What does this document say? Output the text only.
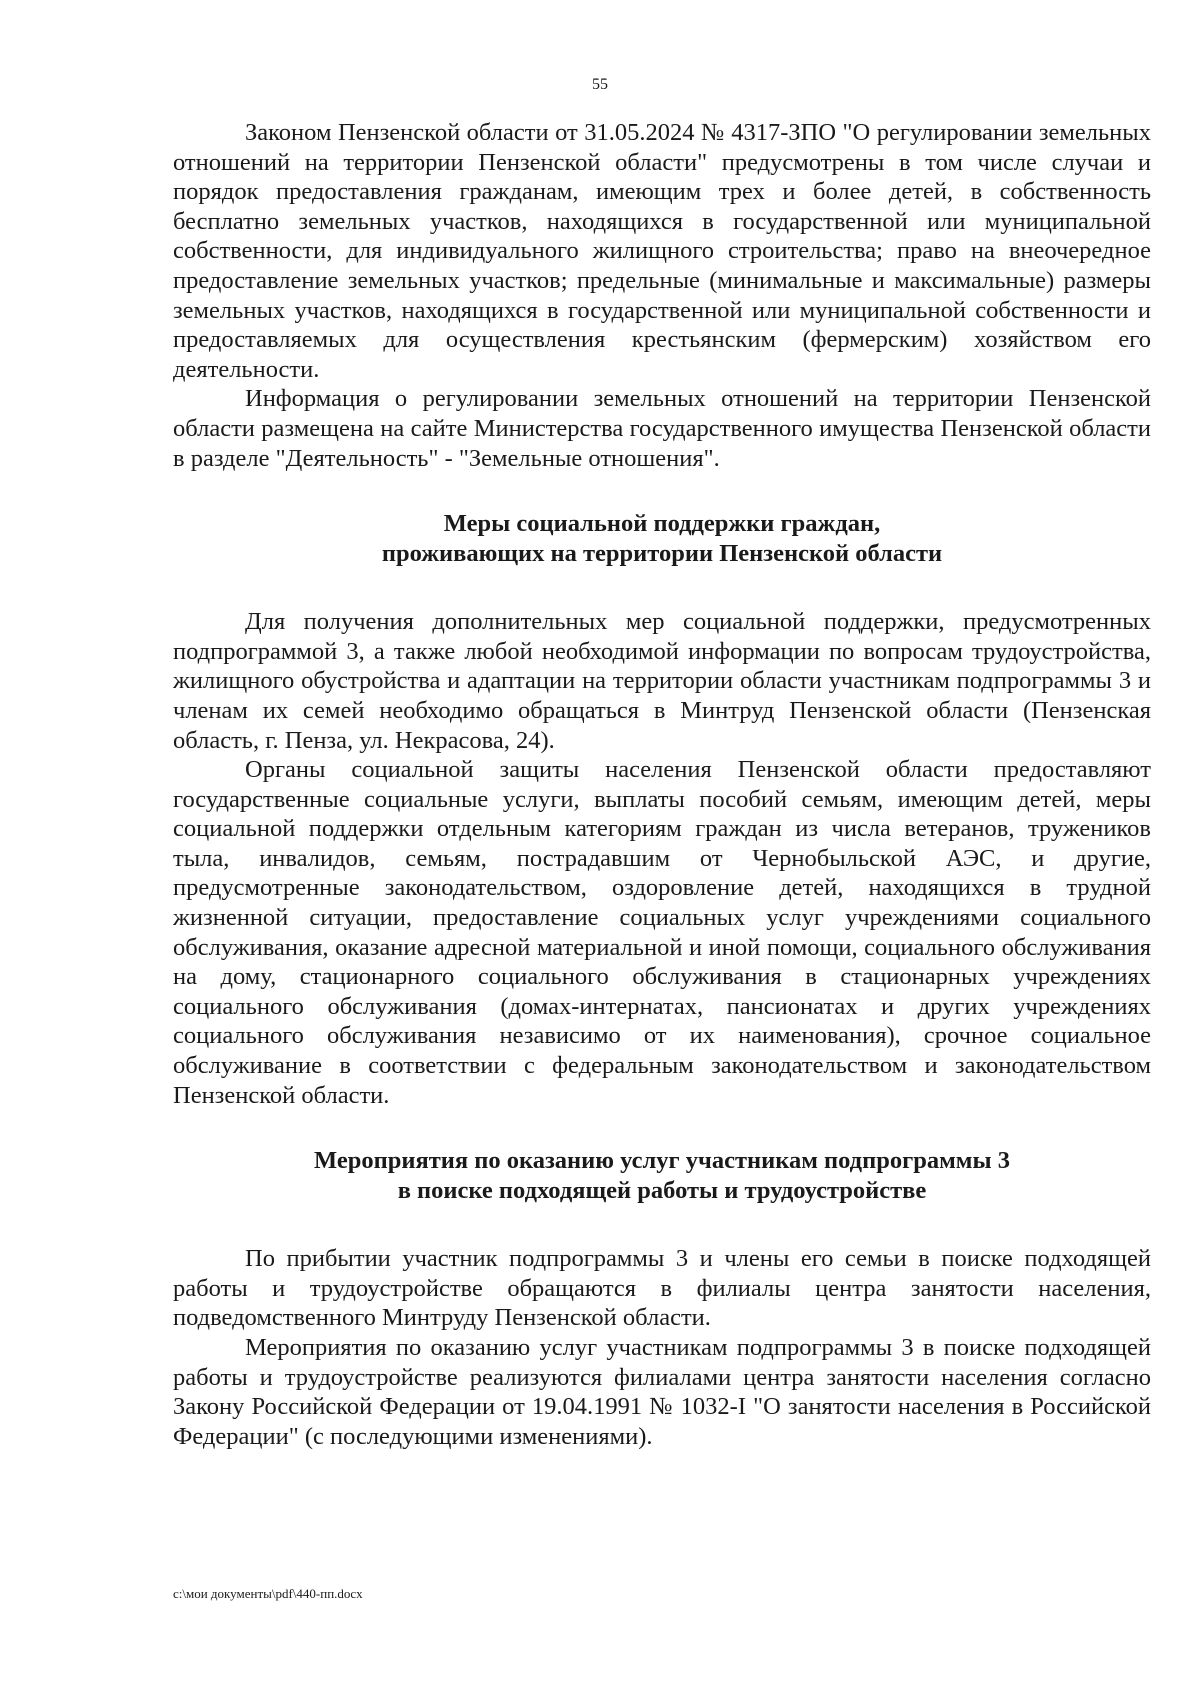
55

Законом Пензенской области от 31.05.2024 № 4317-ЗПО "О регулировании земельных отношений на территории Пензенской области" предусмотрены в том числе случаи и порядок предоставления гражданам, имеющим трех и более детей, в собственность бесплатно земельных участков, находящихся в государственной или муниципальной собственности, для индивидуального жилищного строительства; право на внеочередное предоставление земельных участков; предельные (минимальные и максимальные) размеры земельных участков, находящихся в государственной или муниципальной собственности и предоставляемых для осуществления крестьянским (фермерским) хозяйством его деятельности.

Информация о регулировании земельных отношений на территории Пензенской области размещена на сайте Министерства государственного имущества Пензенской области в разделе "Деятельность" - "Земельные отношения".

Меры социальной поддержки граждан,
проживающих на территории Пензенской области

Для получения дополнительных мер социальной поддержки, предусмотренных подпрограммой 3, а также любой необходимой информации по вопросам трудоустройства, жилищного обустройства и адаптации на территории области участникам подпрограммы 3 и членам их семей необходимо обращаться в Минтруд Пензенской области (Пензенская область, г. Пенза, ул. Некрасова, 24).

Органы социальной защиты населения Пензенской области предоставляют государственные социальные услуги, выплаты пособий семьям, имеющим детей, меры социальной поддержки отдельным категориям граждан из числа ветеранов, тружеников тыла, инвалидов, семьям, пострадавшим от Чернобыльской АЭС, и другие, предусмотренные законодательством, оздоровление детей, находящихся в трудной жизненной ситуации, предоставление социальных услуг учреждениями социального обслуживания, оказание адресной материальной и иной помощи, социального обслуживания на дому, стационарного социального обслуживания в стационарных учреждениях социального обслуживания (домах-интернатах, пансионатах и других учреждениях социального обслуживания независимо от их наименования), срочное социальное обслуживание в соответствии с федеральным законодательством и законодательством Пензенской области.

Мероприятия по оказанию услуг участникам подпрограммы 3
в поиске подходящей работы и трудоустройстве

По прибытии участник подпрограммы 3 и члены его семьи в поиске подходящей работы и трудоустройстве обращаются в филиалы центра занятости населения, подведомственного Минтруду Пензенской области.

Мероприятия по оказанию услуг участникам подпрограммы 3 в поиске подходящей работы и трудоустройстве реализуются филиалами центра занятости населения согласно Закону Российской Федерации от 19.04.1991 № 1032-I "О занятости населения в Российской Федерации" (с последующими изменениями).

c:\мои документы\pdf\440-пп.docx
